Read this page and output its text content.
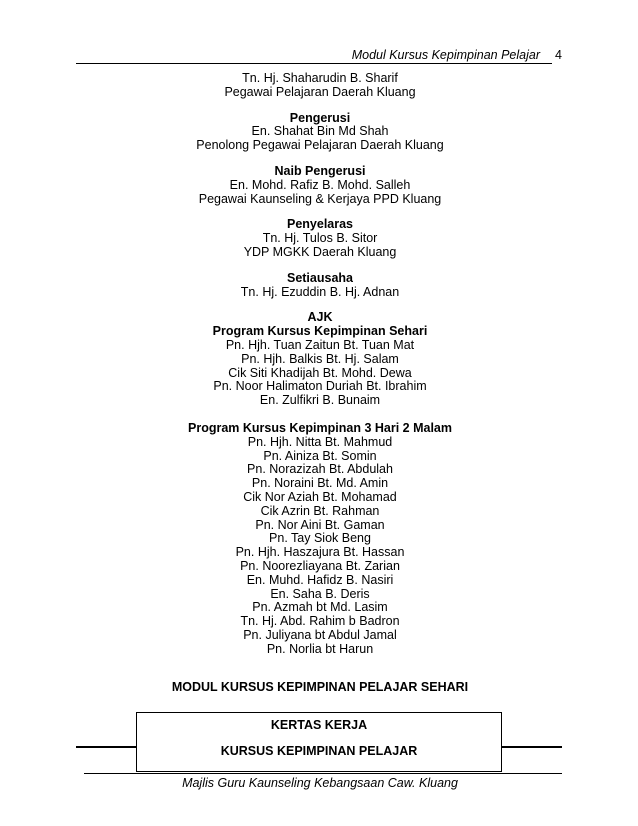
Modul Kursus Kepimpinan Pelajar 4
Tn. Hj. Shaharudin B. Sharif
Pegawai Pelajaran Daerah Kluang
Pengerusi
En. Shahat Bin Md Shah
Penolong Pegawai Pelajaran Daerah Kluang
Naib Pengerusi
En. Mohd. Rafiz B. Mohd. Salleh
Pegawai Kaunseling & Kerjaya PPD Kluang
Penyelaras
Tn. Hj. Tulos B. Sitor
YDP MGKK Daerah Kluang
Setiausaha
Tn. Hj. Ezuddin B. Hj. Adnan
AJK
Program Kursus Kepimpinan Sehari
Pn. Hjh. Tuan Zaitun Bt. Tuan Mat
Pn. Hjh. Balkis Bt. Hj. Salam
Cik Siti Khadijah Bt. Mohd. Dewa
Pn. Noor Halimaton Duriah Bt. Ibrahim
En. Zulfikri B. Bunaim
Program Kursus Kepimpinan 3 Hari 2 Malam
Pn. Hjh. Nitta Bt. Mahmud
Pn. Ainiza Bt. Somin
Pn. Norazizah Bt. Abdulah
Pn. Noraini Bt. Md. Amin
Cik Nor Aziah Bt. Mohamad
Cik Azrin Bt. Rahman
Pn. Nor Aini Bt. Gaman
Pn. Tay Siok Beng
Pn. Hjh. Haszajura Bt. Hassan
Pn. Noorezliayana Bt. Zarian
En. Muhd. Hafidz B. Nasiri
En. Saha B. Deris
Pn. Azmah bt Md. Lasim
Tn. Hj. Abd. Rahim b Badron
Pn. Juliyana bt Abdul Jamal
Pn. Norlia bt Harun
MODUL KURSUS KEPIMPINAN PELAJAR SEHARI
KERTAS KERJA
KURSUS KEPIMPINAN PELAJAR
Majlis Guru Kaunseling Kebangsaan Caw. Kluang
